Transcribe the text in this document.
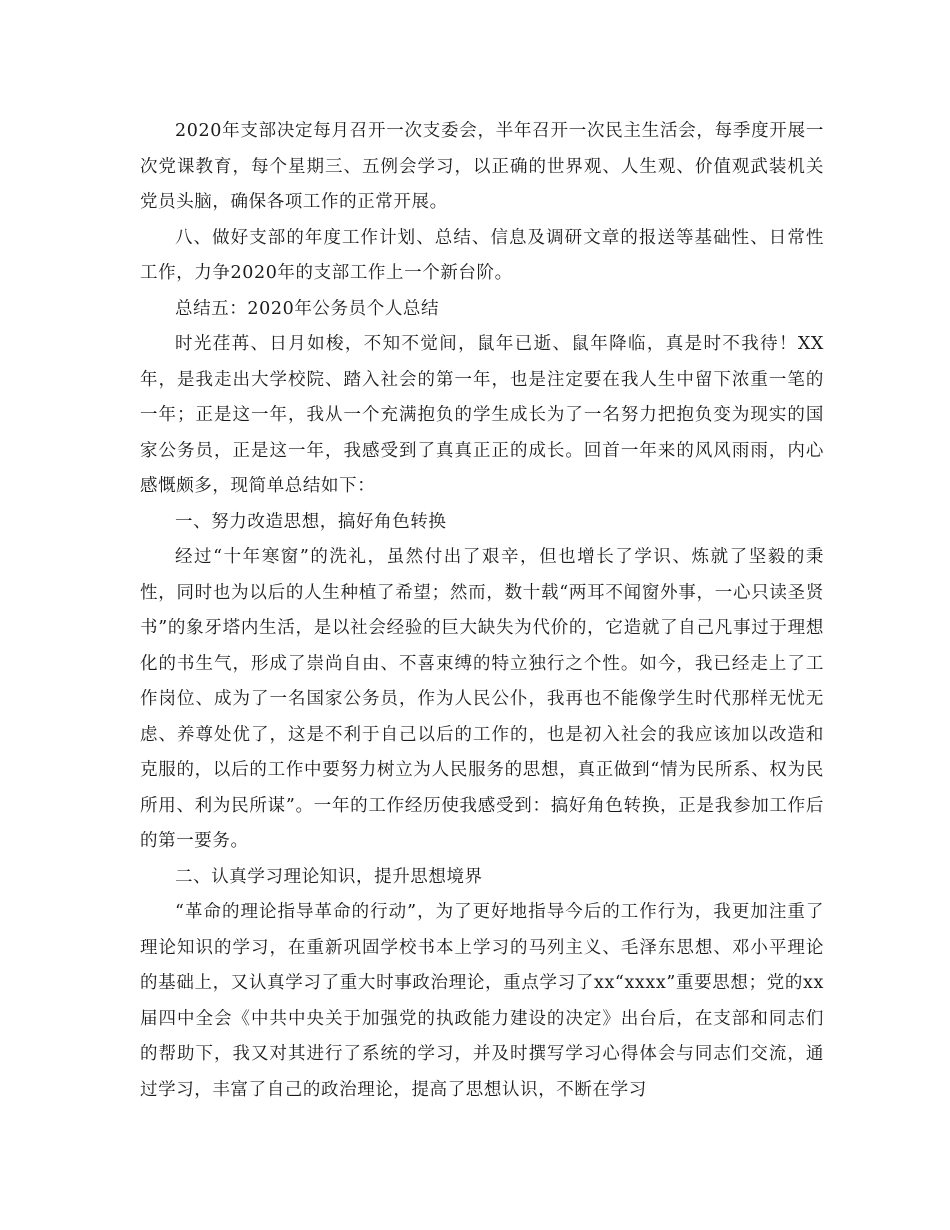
2020年支部决定每月召开一次支委会，半年召开一次民主生活会，每季度开展一次党课教育，每个星期三、五例会学习，以正确的世界观、人生观、价值观武装机关党员头脑，确保各项工作的正常开展。

八、做好支部的年度工作计划、总结、信息及调研文章的报送等基础性、日常性工作，力争2020年的支部工作上一个新台阶。

总结五：2020年公务员个人总结

时光荏苒、日月如梭，不知不觉间，鼠年已逝、鼠年降临，真是时不我待！XX年，是我走出大学校院、踏入社会的第一年，也是注定要在我人生中留下浓重一笔的一年；正是这一年，我从一个充满抱负的学生成长为了一名努力把抱负变为现实的国家公务员，正是这一年，我感受到了真真正正的成长。回首一年来的风风雨雨，内心感慨颇多，现简单总结如下：

一、努力改造思想，搞好角色转换

经过“十年寒窗”的洗礼，虽然付出了艰辛，但也增长了学识、炼就了坚毅的秉性，同时也为以后的人生种植了希望；然而，数十载“两耳不闻窗外事，一心只读圣贤书”的象牙塔内生活，是以社会经验的巨大缺失为代价的，它造就了自己凡事过于理想化的书生气，形成了崇尚自由、不喜束缚的特立独行之个性。如今，我已经走上了工作岗位、成为了一名国家公务员，作为人民公仆，我再也不能像学生时代那样无忧无虑、养尊处优了，这是不利于自己以后的工作的，也是初入社会的我应该加以改造和克服的，以后的工作中要努力树立为人民服务的思想，真正做到“情为民所系、权为民所用、利为民所谋”。一年的工作经历使我感受到：搞好角色转换，正是我参加工作后的第一要务。

二、认真学习理论知识，提升思想境界

“革命的理论指导革命的行动”，为了更好地指导今后的工作行为，我更加注重了理论知识的学习，在重新巩固学校书本上学习的马列主义、毛泽东思想、邓小平理论的基础上，又认真学习了重大时事政治理论，重点学习了xx“xxxx”重要思想；党的xx届四中全会《中共中央关于加强党的执政能力建设的决定》出台后，在支部和同志们的帮助下，我又对其进行了系统的学习，并及时撰写学习心得体会与同志们交流，通过学习，丰富了自己的政治理论，提高了思想认识，不断在学习
